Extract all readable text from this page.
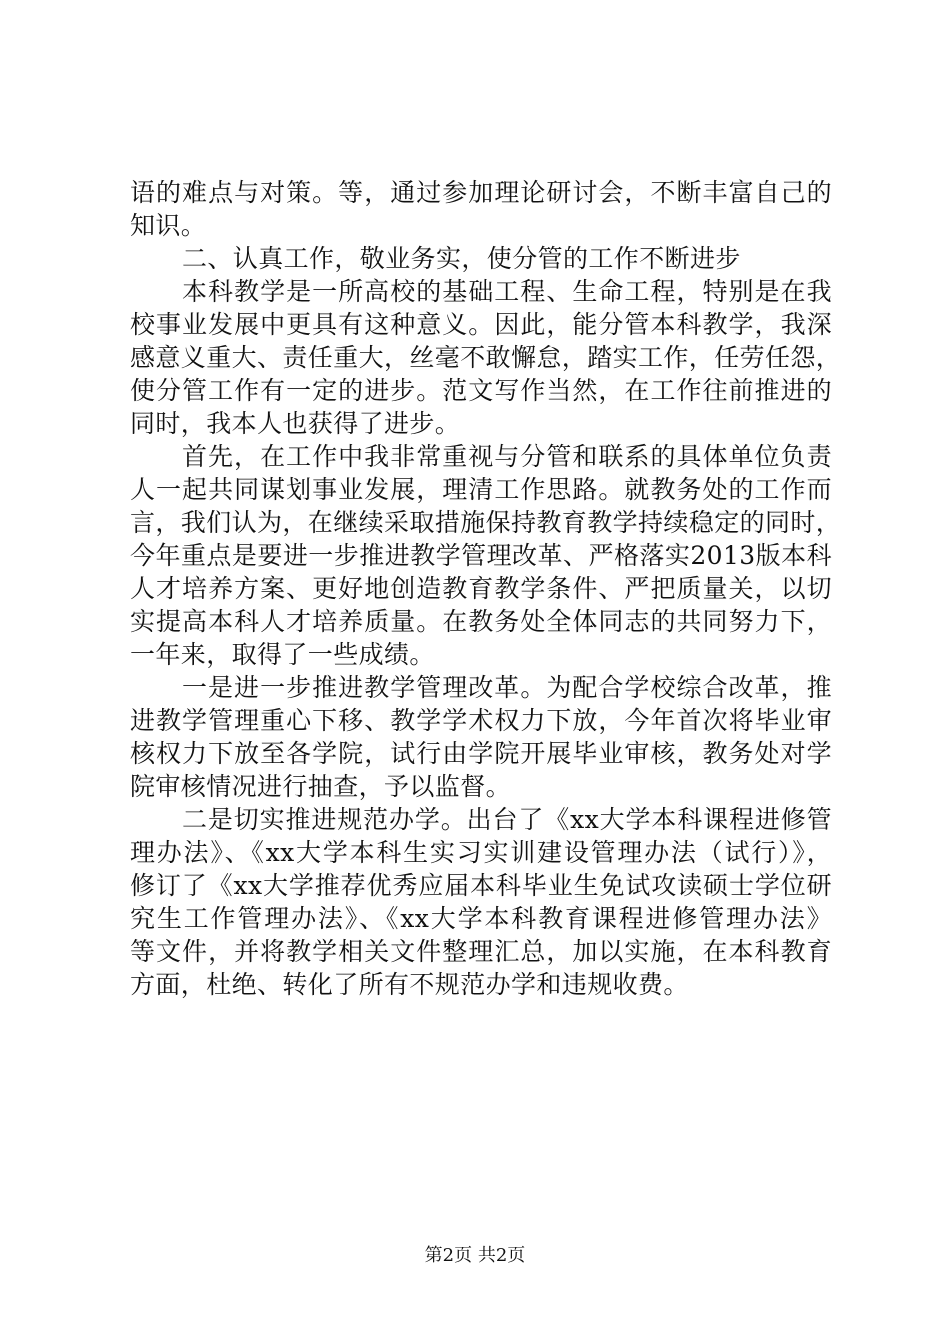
语的难点与对策。等，通过参加理论研讨会，不断丰富自己的
知识。
二、认真工作，敬业务实，使分管的工作不断进步
本科教学是一所高校的基础工程、生命工程，特别是在我
校事业发展中更具有这种意义。因此，能分管本科教学，我深
感意义重大、责任重大，丝毫不敢懈怠，踏实工作，任劳任怨，
使分管工作有一定的进步。范文写作当然，在工作往前推进的
同时，我本人也获得了进步。
首先，在工作中我非常重视与分管和联系的具体单位负责
人一起共同谋划事业发展，理清工作思路。就教务处的工作而
言，我们认为，在继续采取措施保持教育教学持续稳定的同时，
今年重点是要进一步推进教学管理改革、严格落实2013版本科
人才培养方案、更好地创造教育教学条件、严把质量关，以切
实提高本科人才培养质量。在教务处全体同志的共同努力下，
一年来，取得了一些成绩。
一是进一步推进教学管理改革。为配合学校综合改革，推
进教学管理重心下移、教学学术权力下放，今年首次将毕业审
核权力下放至各学院，试行由学院开展毕业审核，教务处对学
院审核情况进行抽查，予以监督。
二是切实推进规范办学。出台了《xx大学本科课程进修管
理办法》、《xx大学本科生实习实训建设管理办法（试行）》，
修订了《xx大学推荐优秀应届本科毕业生免试攻读硕士学位研
究生工作管理办法》、《xx大学本科教育课程进修管理办法》
等文件，并将教学相关文件整理汇总，加以实施，在本科教育
方面，杜绝、转化了所有不规范办学和违规收费。
第2页 共2页
